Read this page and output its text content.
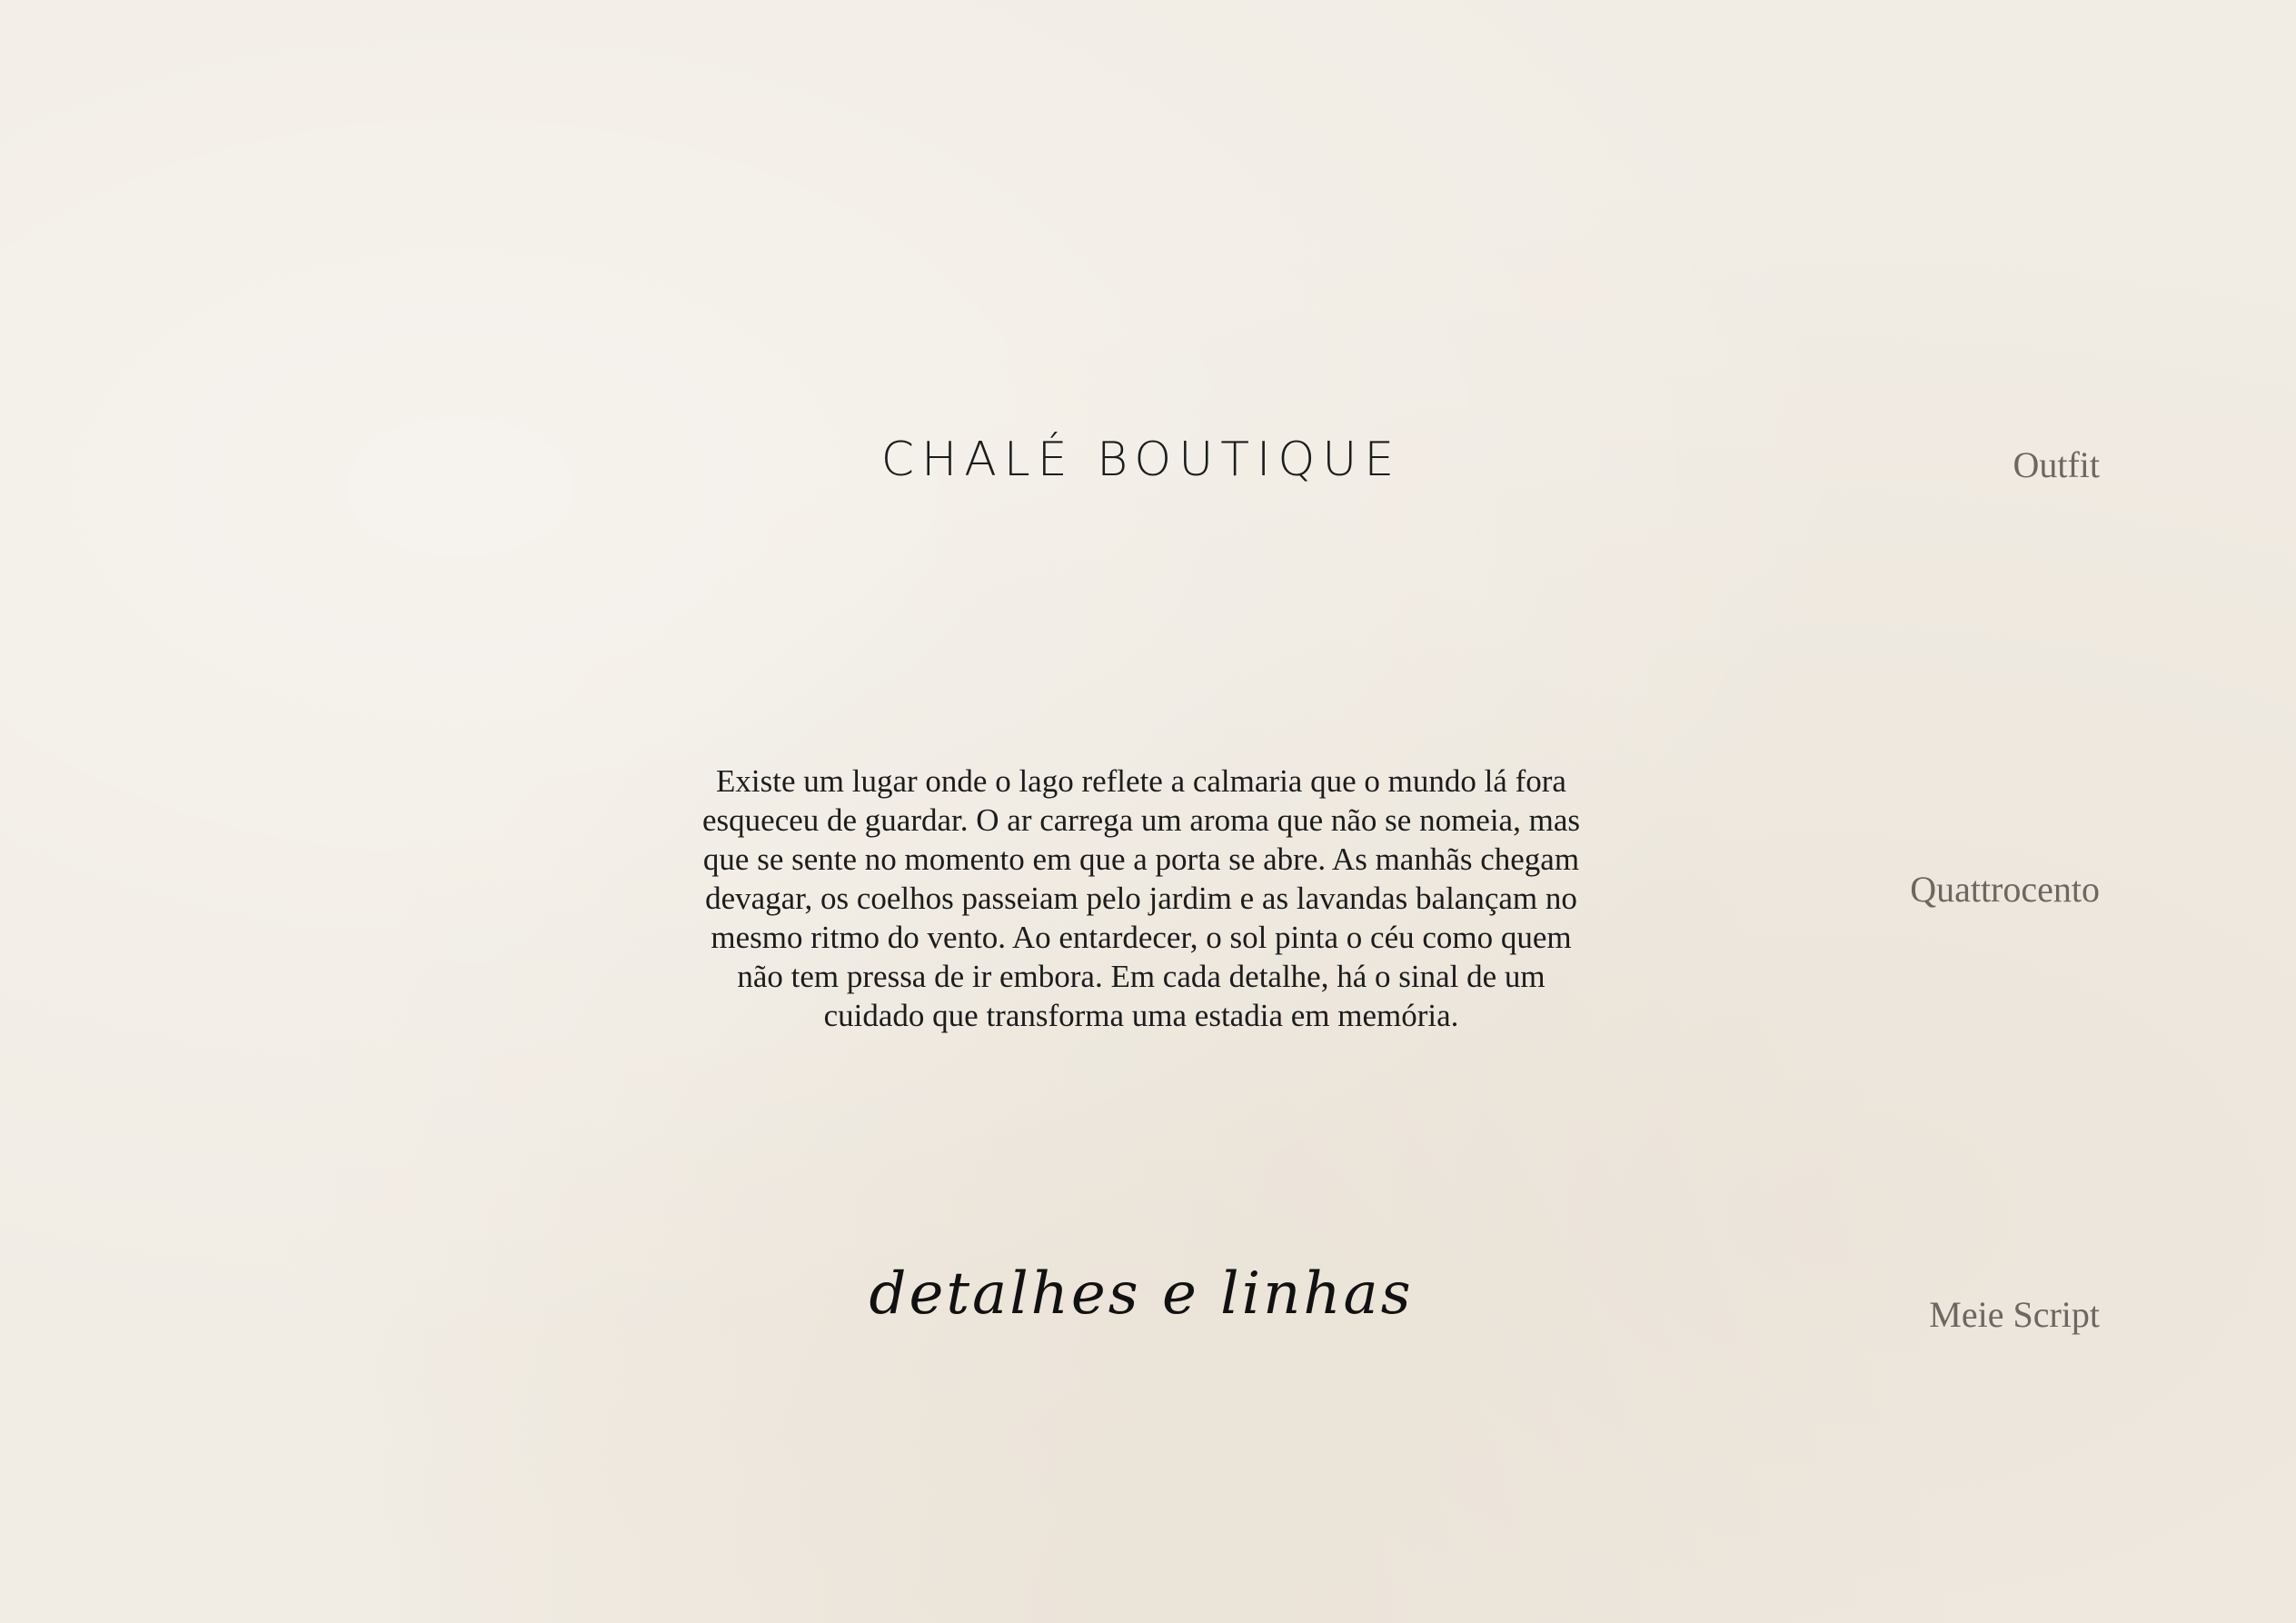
CHALÉ BOUTIQUE	Outfit

Existe um lugar onde o lago reflete a calmaria que o mundo lá fora esqueceu de guardar. O ar carrega um aroma que não se nomeia, mas que se sente no momento em que a porta se abre. As manhãs chegam devagar, os coelhos passeiam pelo jardim e as lavandas balançam no mesmo ritmo do vento. Ao entardecer, o sol pinta o céu como quem não tem pressa de ir embora. Em cada detalhe, há o sinal de um cuidado que transforma uma estadia em memória.

Quattrocento
detalhes e linhas	Meie Script
